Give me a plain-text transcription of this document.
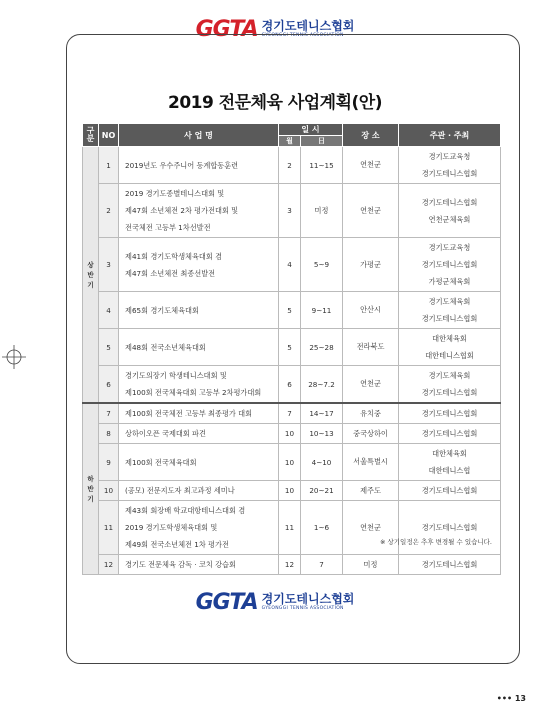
GGTA 경기도테니스협회
GYEONGGI TENNIS ASSOCIATION
2019 전문체육 사업계획(안)
구분	NO	사 업 명	일 시		장 소	주관 · 주최
			월	日		

상
반
기	1	2019년도 우수주니어 동계합동훈련	2	11~15	연천군	경기도교육청
경기도테니스협회

	2	2019 경기도종별테니스대회 및
제47회 소년체전 2차 평가전대회 및
전국체전 고등부 1차선발전	3	미정	연천군	경기도테니스협회
연천군체육회

	3	제41회 경기도학생체육대회 겸
제47회 소년체전 최종선발전	4	5~9	가평군	경기도교육청
경기도테니스협회
가평군체육회

	4	제65회 경기도체육대회	5	9~11	안산시	경기도체육회
경기도테니스협회

	5	제48회 전국소년체육대회	5	25~28	전라북도	대한체육회
대한테니스협회

	6	경기도의장기 학생테니스대회 및
제100회 전국체육대회 고등부 2차평가대회	6	28~7.2	연천군	경기도체육회
경기도테니스협회

하
반
기	7	제100회 전국체전 고등부 최종평가 대회	7	14~17	유치중	경기도테니스협회

	8	상하이오픈 국제대회 파견	10	10~13	중국상하이	경기도테니스협회

	9	제100회 전국체육대회	10	4~10	서울특별시	대한체육회
대한테니스협

	10	(공모) 전문지도자 최고과정 세미나	10	20~21	제주도	경기도테니스협회

	11	제43회 회장배 학교대항테니스대회 겸
2019 경기도학생체육대회 및
제49회 전국소년체전 1차 평가전	11	1~6	연천군	경기도테니스협회

	12	경기도 전문체육 감독 · 코치 강습회	12	7	미정	경기도테니스협회
※ 상기일정은 추후 변경될 수 있습니다.
GGTA 경기도테니스협회
GYEONGGI TENNIS ASSOCIATION
••• 13
